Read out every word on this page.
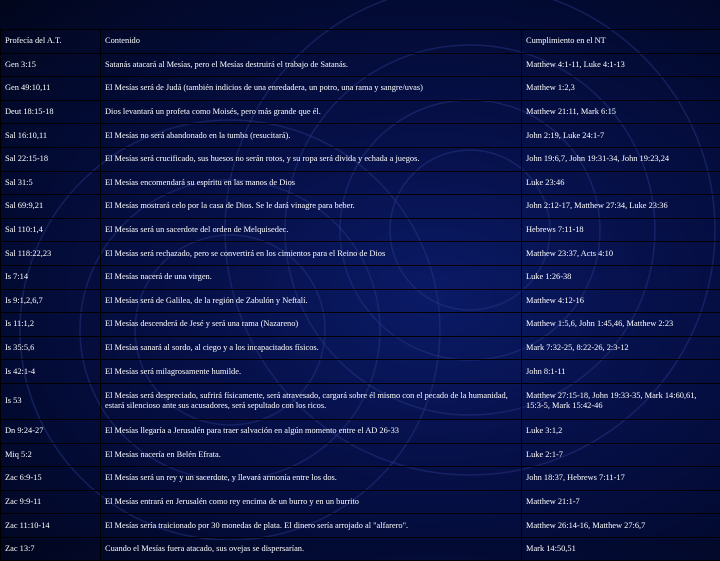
Profecía del A.T.	Contenido	Cumplimiento en el NT
Gen 3:15	Satanás atacará al Mesías, pero el Mesías destruirá el trabajo de Satanás.	Matthew 4:1-11, Luke 4:1-13
Gen 49:10,11	El Mesías será de Judá (también indicios de una enredadera, un potro, una rama y sangre/uvas)	Matthew 1:2,3
Deut 18:15-18	Dios levantará un profeta como Moisés, pero más grande que él.	Matthew 21:11, Mark 6:15
Sal 16:10,11	El Mesías no será abandonado en la tumba (resucitará).	John 2:19, Luke 24:1-7
Sal 22:15-18	El Mesías será crucificado, sus huesos no serán rotos, y su ropa será divida y echada a juegos.	John 19:6,7, John 19:31-34, John 19:23,24
Sal 31:5	El Mesías encomendará su espíritu en las manos de Dios	Luke 23:46
Sal 69:9,21	El Mesías mostrará celo por la casa de Dios. Se le dará vinagre para beber.	John 2:12-17, Matthew 27:34, Luke 23:36
Sal 110:1,4	El Mesías será un sacerdote del orden de Melquisedec.	Hebrews 7:11-18
Sal 118:22,23	El Mesías será rechazado, pero se convertirá en los cimientos para el Reino de Dios	Matthew 23:37, Acts 4:10
Is 7:14	El Mesías nacerá de una virgen.	Luke 1:26-38
Is 9:1,2,6,7	El Mesías será de Galilea, de la región de Zabulón y Neftalí.	Matthew 4:12-16
Is 11:1,2	El Mesías descenderá de Jesé y será una rama (Nazareno)	Matthew 1:5,6, John 1:45,46, Matthew 2:23
Is 35:5,6	El Mesías sanará al sordo, al ciego y a los incapacitados físicos.	Mark 7:32-25, 8:22-26, 2:3-12
Is 42:1-4	El Mesías será milagrosamente humilde.	John 8:1-11
Is 53	El Mesías será despreciado, sufrirá físicamente, será atravesado, cargará sobre él mismo con el pecado de la humanidad, estará silencioso ante sus acusadores, será sepultado con los ricos.	Matthew 27:15-18, John 19:33-35, Mark 14:60,61, 15:3-5, Mark 15:42-46
Dn 9:24-27	El Mesías llegaría a Jerusalén para traer salvación en algún momento entre el AD 26-33	Luke 3:1,2
Miq 5:2	El Mesías nacería en Belén Efrata.	Luke 2:1-7
Zac 6:9-15	El Mesías será un rey y un sacerdote, y llevará armonía entre los dos.	John 18:37, Hebrews 7:11-17
Zac 9:9-11	El Mesías entrará en Jerusalén como rey encima de un burro y en un burrito	Matthew 21:1-7
Zac 11:10-14	El Mesías sería traicionado por 30 monedas de plata. El dinero sería arrojado al "alfarero".	Matthew 26:14-16, Matthew 27:6,7
Zac 13:7	Cuando el Mesías fuera atacado, sus ovejas se dispersarían.	Mark 14:50,51
